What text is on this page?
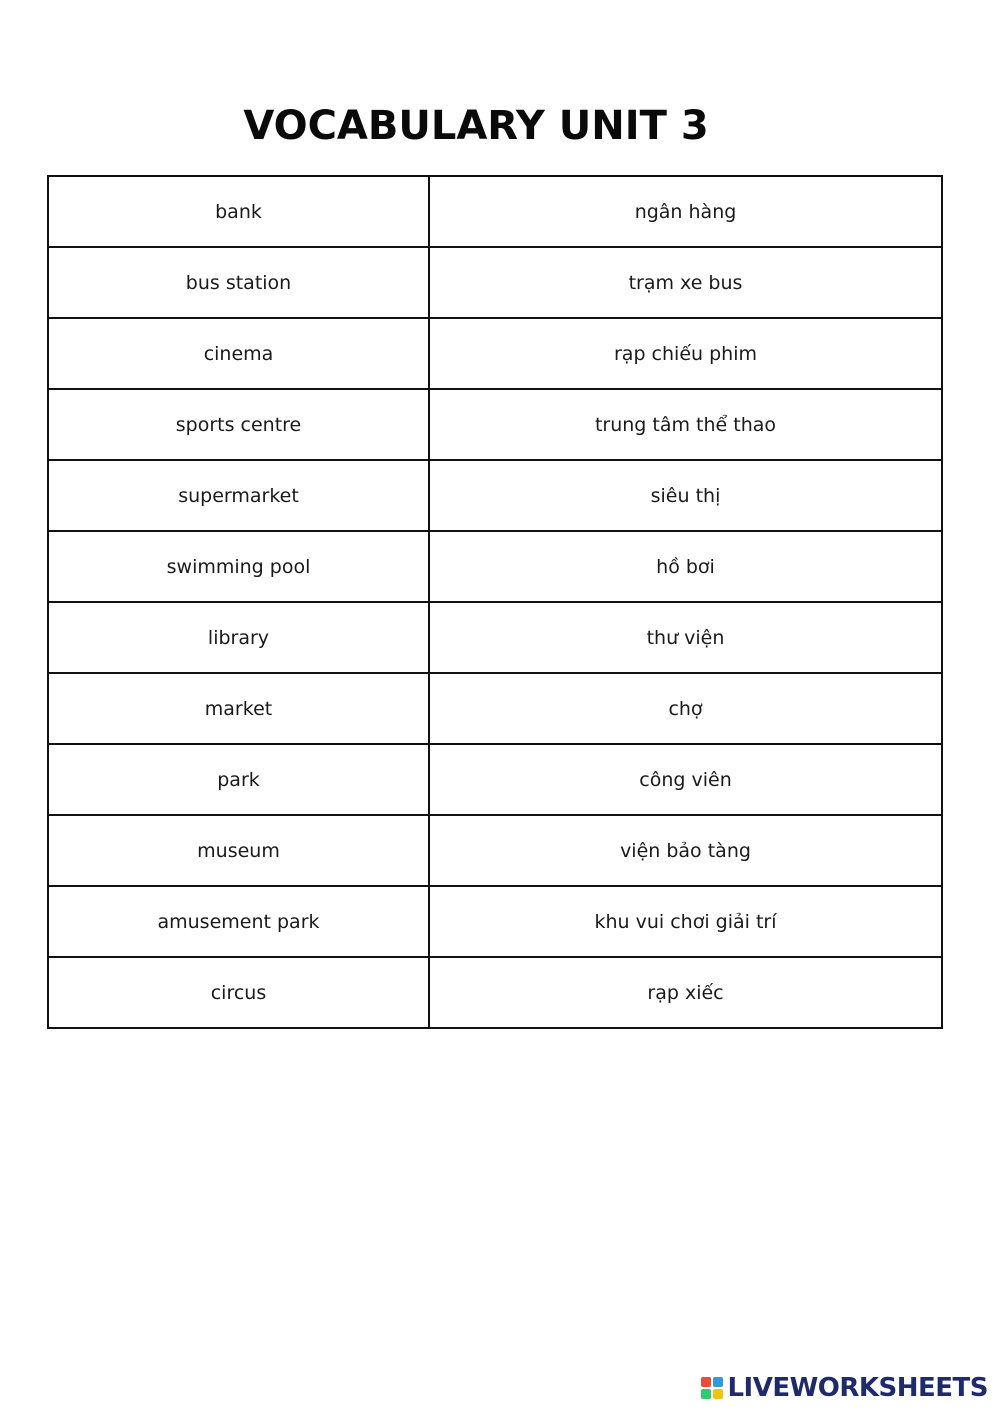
VOCABULARY UNIT 3
bank	ngân hàng
bus station	trạm xe bus
cinema	rạp chiếu phim
sports centre	trung tâm thể thao
supermarket	siêu thị
swimming pool	hồ bơi
library	thư viện
market	chợ
park	công viên
museum	viện bảo tàng
amusement park	khu vui chơi giải trí
circus	rạp xiếc
LIVEWORKSHEETS
